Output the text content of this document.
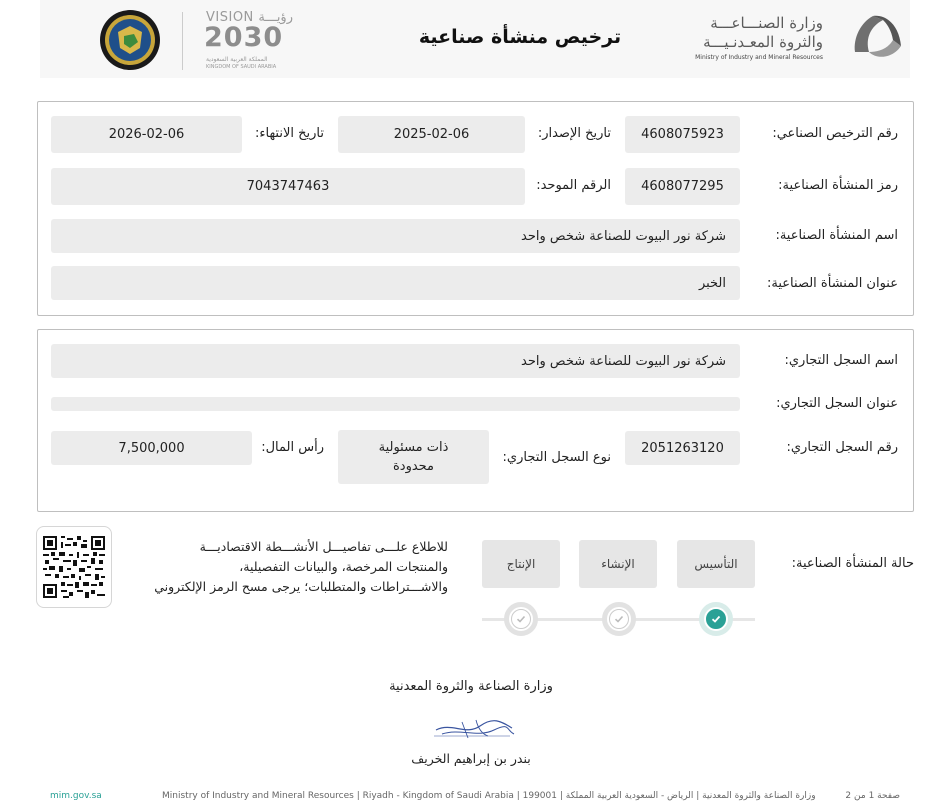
وزارة الصنـــاعـــة
والثروة المعـدنـيـــة
Ministry of Industry and Mineral Resources
ترخيص منشأة صناعية
VISION رؤيـــة
2030
المملكة العربية السعودية
KINGDOM OF SAUDI ARABIA
رقم الترخيص الصناعي:
4608075923
تاريخ الإصدار:
2025-02-06
تاريخ الانتهاء:
2026-02-06
رمز المنشأة الصناعية:
4608077295
الرقم الموحد:
7043747463
اسم المنشأة الصناعية:
شركة نور البيوت للصناعة شخص واحد
عنوان المنشأة الصناعية:
الخبر
اسم السجل التجاري:
شركة نور البيوت للصناعة شخص واحد
عنوان السجل التجاري:
رقم السجل التجاري:
2051263120
نوع السجل التجاري:
ذات مسئولية
محدودة
رأس المال:
7,500,000
حالة المنشأة الصناعية:
التأسيس
الإنشاء
الإنتاج
للاطلاع علـــى تفاصيـــل الأنشـــطة الاقتصاديـــة
والمنتجات المرخصة، والبيانات التفصيلية،
والاشـــتراطات والمتطلبات؛ يرجى مسح الرمز الإلكتروني
وزارة الصناعة والثروة المعدنية
بندر بن إبراهيم الخريف
mim.gov.sa	Ministry of Industry and Mineral Resources | Riyadh - Kingdom of Saudi Arabia | 199001 | وزارة الصناعة والثروة المعدنية | الرياض - السعودية العربية المملكة	صفحة 1 من 2
